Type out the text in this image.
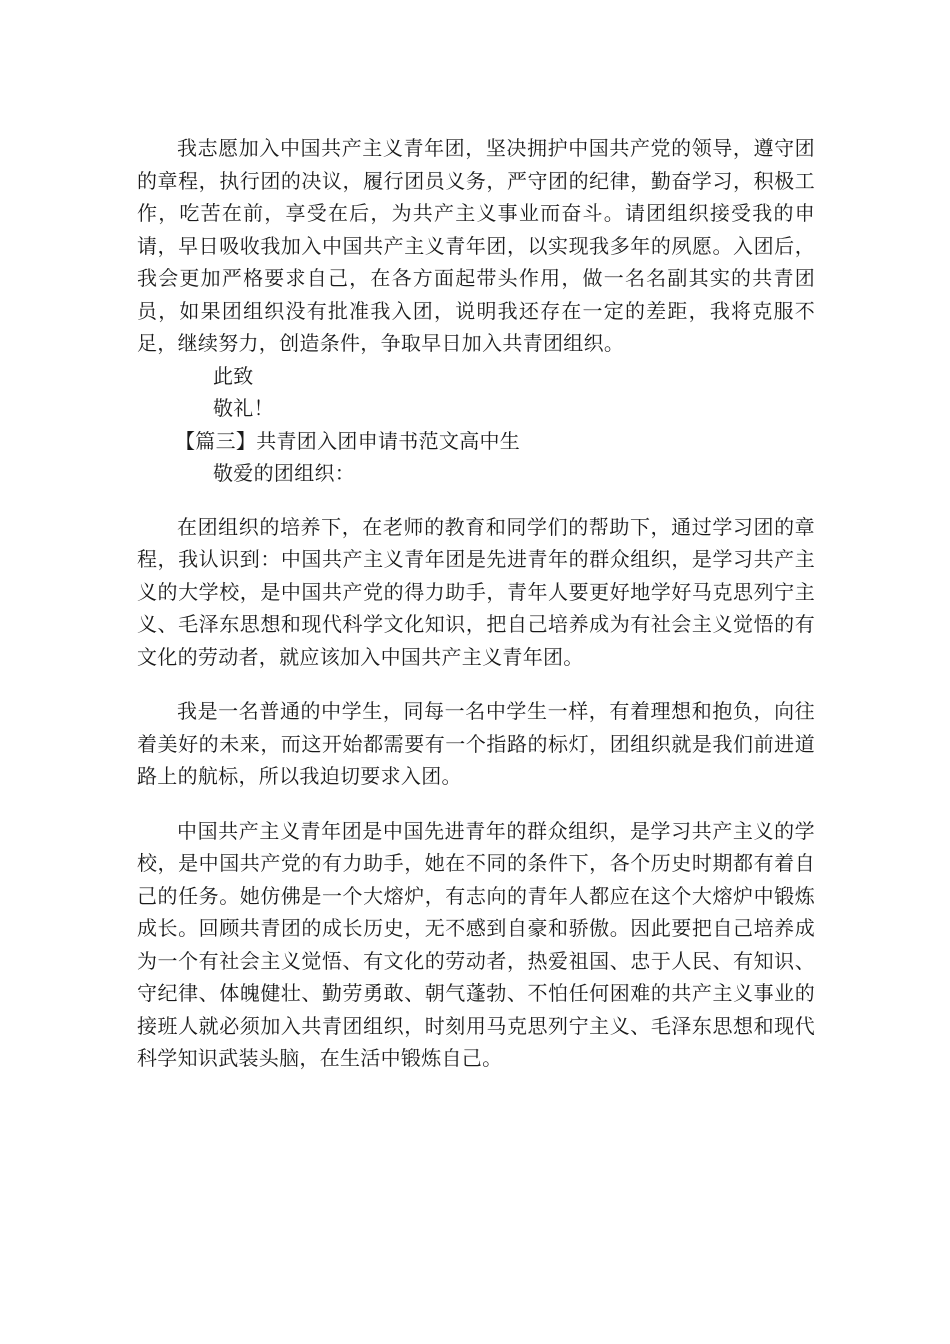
我志愿加入中国共产主义青年团，坚决拥护中国共产党的领导，遵守团的章程，执行团的决议，履行团员义务，严守团的纪律，勤奋学习，积极工作，吃苦在前，享受在后，为共产主义事业而奋斗。请团组织接受我的申请，早日吸收我加入中国共产主义青年团，以实现我多年的夙愿。入团后，我会更加严格要求自己，在各方面起带头作用，做一名名副其实的共青团员，如果团组织没有批准我入团，说明我还存在一定的差距，我将克服不足，继续努力，创造条件，争取早日加入共青团组织。

此致

敬礼！

【篇三】共青团入团申请书范文高中生

敬爱的团组织：

在团组织的培养下，在老师的教育和同学们的帮助下，通过学习团的章程，我认识到：中国共产主义青年团是先进青年的群众组织，是学习共产主义的大学校，是中国共产党的得力助手，青年人要更好地学好马克思列宁主义、毛泽东思想和现代科学文化知识，把自己培养成为有社会主义觉悟的有文化的劳动者，就应该加入中国共产主义青年团。

我是一名普通的中学生，同每一名中学生一样，有着理想和抱负，向往着美好的未来，而这开始都需要有一个指路的标灯，团组织就是我们前进道路上的航标，所以我迫切要求入团。

中国共产主义青年团是中国先进青年的群众组织，是学习共产主义的学校，是中国共产党的有力助手，她在不同的条件下，各个历史时期都有着自己的任务。她仿佛是一个大熔炉，有志向的青年人都应在这个大熔炉中锻炼成长。回顾共青团的成长历史，无不感到自豪和骄傲。因此要把自己培养成为一个有社会主义觉悟、有文化的劳动者，热爱祖国、忠于人民、有知识、守纪律、体魄健壮、勤劳勇敢、朝气蓬勃、不怕任何困难的共产主义事业的接班人就必须加入共青团组织，时刻用马克思列宁主义、毛泽东思想和现代科学知识武装头脑，在生活中锻炼自己。
